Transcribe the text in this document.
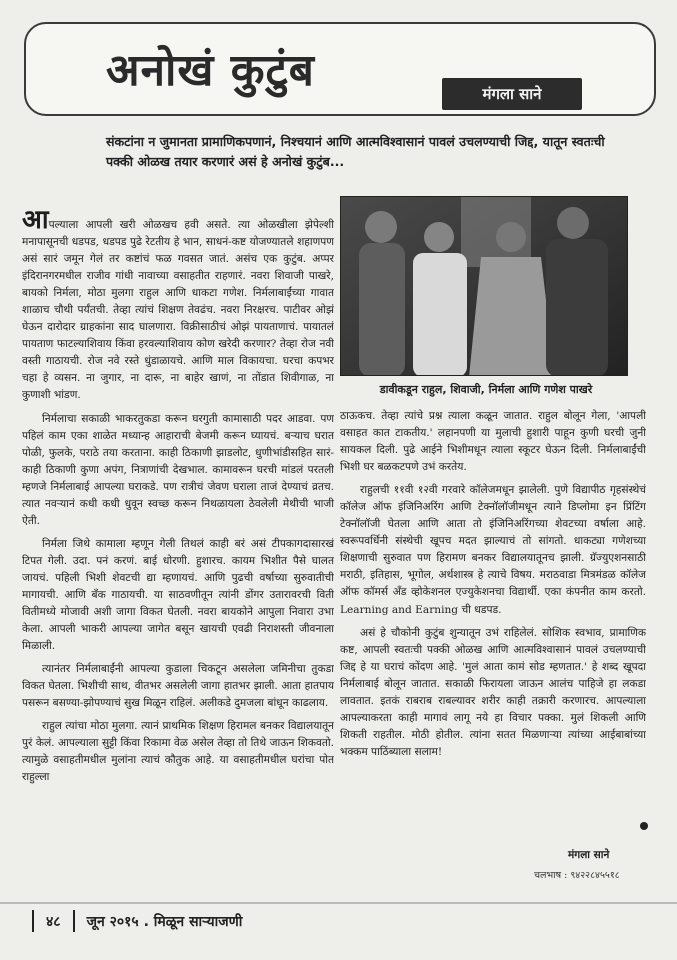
अनोखं कुटुंब	मंगला साने
संकटांना न जुमानता प्रामाणिकपणानं, निश्चयानं आणि आत्मविश्वासानं पावलं उचलण्याची जिद्द, यातून स्वतःची पक्की ओळख तयार करणारं असं हे अनोखं कुटुंब...

आपल्याला आपली खरी ओळखच हवी असते. त्या ओळखीला झेपेल्शी मनापासूनची धडपड, धडपड पुढे रेटतीय हे भान, साधनं-कष्ट योजण्यातले शहाणपण असं सारं जमून गेलं तर कष्टांचं फळ गवसत जातं. असंच एक कुटुंब. अप्पर इंदिरानगरमधील राजीव गांधी नावाच्या वसाहतीत राहणारं. नवरा शिवाजी पाखरे, बायको निर्मला, मोठा मुलगा राहुल आणि धाकटा गणेश. निर्मलाबाईंच्या गावात शाळाच चौथी पर्यंतची. तेव्हा त्यांचं शिक्षण तेवढंच. नवरा निरक्षरच. पाटीवर ओझं घेऊन दारोदार ग्राहकांना साद घालणारा. विक्रीसाठीचं ओझं पायताणाचं. पायातलं पायताण फाटल्याशिवाय किंवा हरवल्याशिवाय कोण खरेदी करणार? तेव्हा रोज नवी वस्ती गाठायची. रोज नवे रस्ते धुंडाळायचे. आणि माल विकायचा. घरचा कपभर चहा हे व्यसन. ना जुगार, ना दारू, ना बाहेर खाणं, ना तोंडात शिवीगाळ, ना कुणाशी भांडण.

निर्मलाचा सकाळी भाकरतुकडा करून घरगुती कामासाठी पदर आडवा. पण पहिलं काम एका शाळेत मध्यान्ह आहाराची बेजमी करून घ्यायचं. बऱ्याच घरात पोळी, फुलके, पराठे तया करताना. काही ठिकाणी झाडलोट, धुणीभांडीसहित सारं- काही ठिकाणी कुणा अपंग, नित्राणांची देखभाल. कामावरून घरची मांडलं परतली म्हणजे निर्मलाबाई आपल्या घराकडे. पण रात्रीचं जेवण घराला ताजं देण्याचं व्रतच. त्यात नवऱ्यानं कधी कधी धुवून स्वच्छ करून निथळायला ठेवलेली मेथीची भाजी ऐती.

निर्मला जिथे कामाला म्हणून गेली तिथलं काही बरं असं टीपकागदासारखं टिपत गेली. उदा. पनं करणं. बाई धोरणी. हुशारच. कायम भिशीत पैसे घालत जायचं. पहिली भिशी शेवटची द्या म्हणायचं. आणि पुढची वर्षाच्या सुरुवातीची मागायची. आणि बँक गाठायची. या साठवणीतून त्यांनी डोंगर उतारावरची विती वितीमध्ये मोजावी अशी जागा विकत घेतली. नवरा बायकोने आपुला निवारा उभा केला. आपली भाकरी आपल्या जागेत बसून खायची एवढी निराशस्ती जीवनाला मिळाली.

त्यानंतर निर्मलाबाईंनी आपल्या कुडाला चिकटून असलेला जमिनीचा तुकडा विकत घेतला. भिशीची साथ, वीतभर असलेली जागा हातभर झाली. आता हातपाय पसरून बसण्या-झोपण्याचं सुख मिळून राहिलं. अलीकडे दुमजला बांधून काढलाय.

राहुल त्यांचा मोठा मुलगा. त्यानं प्राथमिक शिक्षण हिरामल बनकर विद्यालयातून पुरं केलं. आपल्याला सुट्टी किंवा रिकामा वेळ असेल तेव्हा तो तिथे जाऊन शिकवतो. त्यामुळे वसाहतीमधील मुलांना त्याचं कौतुक आहे. या वसाहतीमधील घरांचा पोत राहुल्ला

डावीकडून राहुल, शिवाजी, निर्मला आणि गणेश पाखरे

ठाऊकच. तेव्हा त्यांचे प्रश्न त्याला कळून जातात. राहुल बोलून गेला, 'आपली वसाहत कात टाकतीय.' लहानपणी या मुलाची हुशारी पाहून कुणी घरची जुनी सायकल दिली. पुढे आईने भिशीमधून त्याला स्कूटर घेऊन दिली. निर्मलाबाईंची भिशी घर बळकटपणे उभं करतेय.

राहुलची ११वी १२वी गरवारे कॉलेजमधून झालेली. पुणे विद्यापीठ गृहसंस्थेचं कॉलेज ऑफ इंजिनिअरिंग आणि टेक्नॉलॉजीमधून त्याने डिप्लोमा इन प्रिंटिंग टेक्नॉलॉजी घेतला आणि आता तो इंजिनिअरिंगच्या शेवटच्या वर्षाला आहे. स्वरूपवर्धिनी संस्थेची खूपच मदत झाल्याचं तो सांगतो. धाकट्या गणेशच्या शिक्षणाची सुरुवात पण हिरामण बनकर विद्यालयातूनच झाली. ग्रॅज्युएशनसाठी मराठी, इतिहास, भूगोल, अर्थशास्त्र हे त्याचे विषय. मराठवाडा मित्रमंडळ कॉलेज ऑफ कॉमर्स अँड व्होकेशनल एज्युकेशनचा विद्यार्थी. एका कंपनीत काम करतो. Learning and Earning ची धडपड.

असं हे चौकोनी कुटुंब शुन्यातून उभं राहिलेलं. सोशिक स्वभाव, प्रामाणिक कष्ट, आपली स्वतःची पक्की ओळख आणि आत्मविश्वासानं पावलं उचलण्याची जिद्द हे या घराचं कोंदण आहे. 'मुलं आता कामं सोड म्हणतात.' हे शब्द खूपदा निर्मलाबाई बोलून जातात. सकाळी फिरायला जाऊन आलंच पाहिजे हा लकडा लावतात. इतकं राबराब राबल्यावर शरीर काही तक्रारी करणारच. आपल्याला आपल्याकरता काही मागावं लागू नये हा विचार पक्का. मुलं शिकली आणि शिकती राहतील. मोठी होतील. त्यांना सतत मिळणाऱ्या त्यांच्या आईबाबांच्या भक्कम पाठिंब्याला सलाम!

मंगला साने
चलभाष : ९४२२८४५५१८
४८ जून २०१५ . मिळून साऱ्याजणी
